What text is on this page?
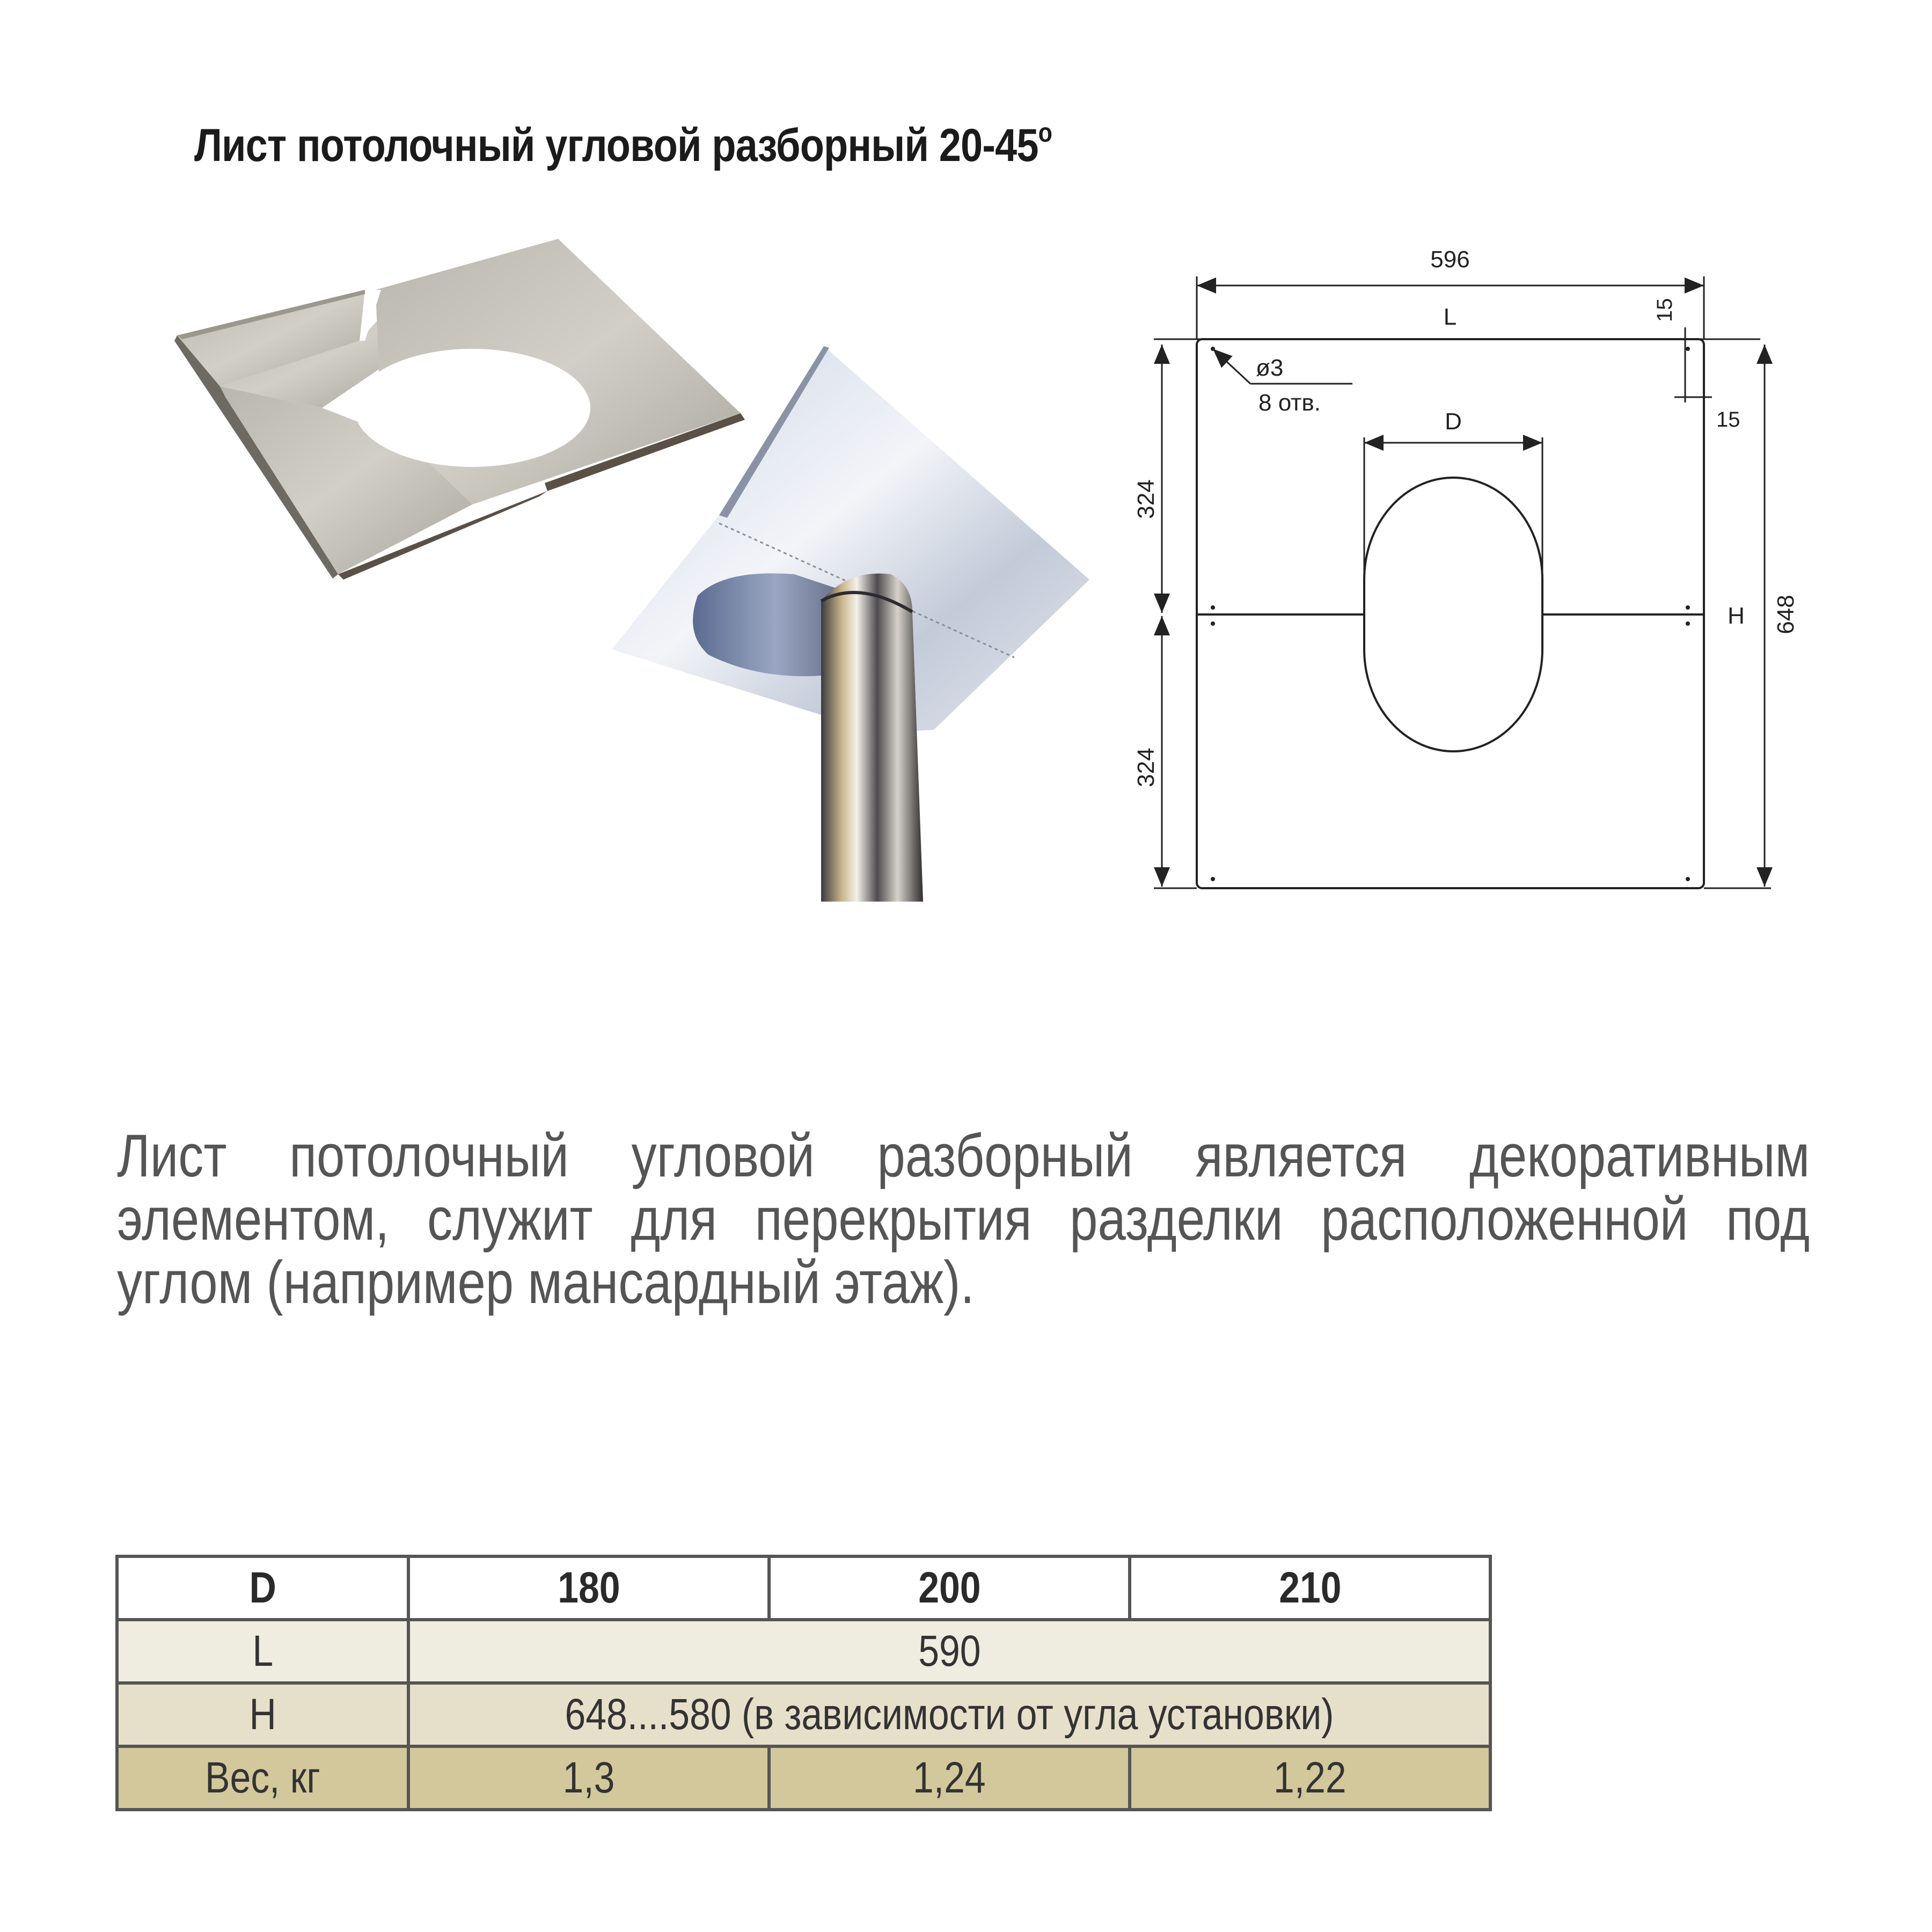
Лист потолочный угловой разборный $20-45^о$
596
L
ø3
8 отв.
D
15
15
324
324
H 648
Лист потолочный угловой разборный является декоративным элементом, служит для перекрытия разделки расположенной под углом (например мансардный этаж).
D	180	200	210
L	590		
H	648....580 (в зависимости от угла установки)		
Вес, кг	1,3	1,24	1,22
